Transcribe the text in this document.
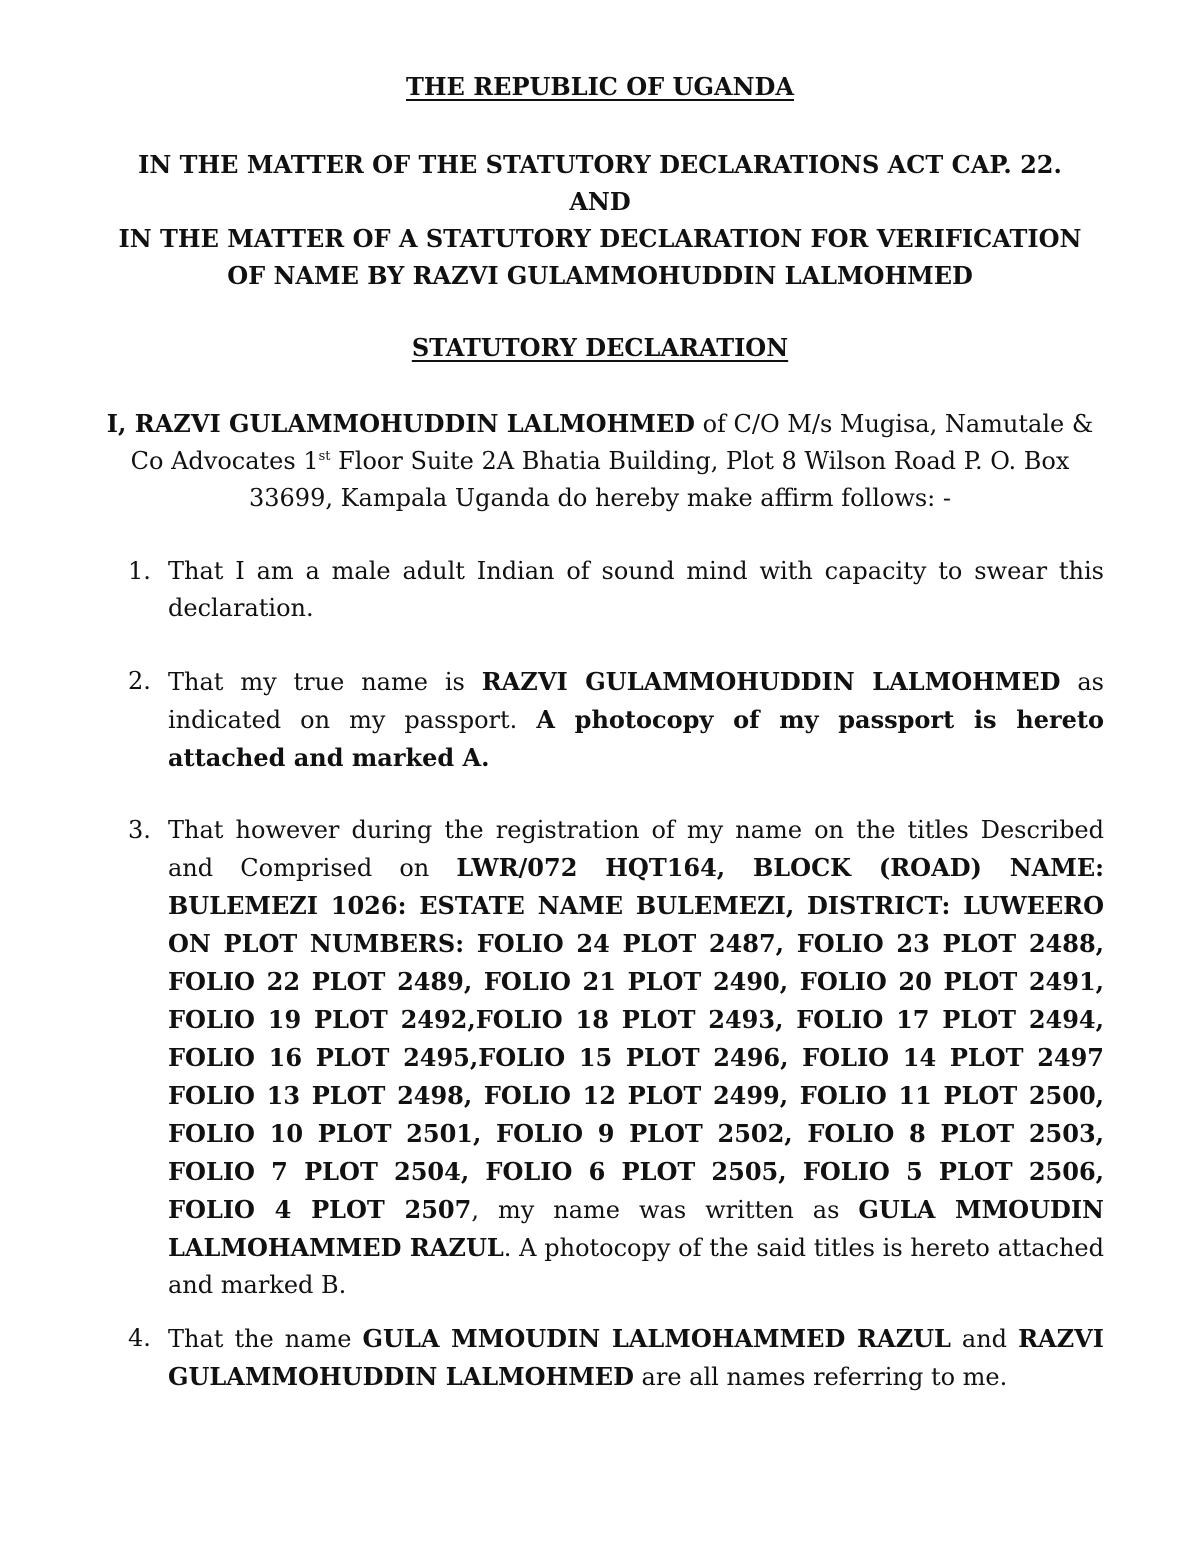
THE REPUBLIC OF UGANDA
IN THE MATTER OF THE STATUTORY DECLARATIONS ACT CAP. 22.
AND
IN THE MATTER OF A STATUTORY DECLARATION FOR VERIFICATION
OF NAME BY RAZVI GULAMMOHUDDIN LALMOHMED
STATUTORY DECLARATION
I, RAZVI GULAMMOHUDDIN LALMOHMED of C/O M/s Mugisa, Namutale & Co Advocates 1st Floor Suite 2A Bhatia Building, Plot 8 Wilson Road P. O. Box 33699, Kampala Uganda do hereby make affirm follows: -
1. That I am a male adult Indian of sound mind with capacity to swear this declaration.
2. That my true name is RAZVI GULAMMOHUDDIN LALMOHMED as indicated on my passport. A photocopy of my passport is hereto attached and marked A.
3. That however during the registration of my name on the titles Described and Comprised on LWR/072 HQT164, BLOCK (ROAD) NAME: BULEMEZI 1026: ESTATE NAME BULEMEZI, DISTRICT: LUWEERO ON PLOT NUMBERS: FOLIO 24 PLOT 2487, FOLIO 23 PLOT 2488, FOLIO 22 PLOT 2489, FOLIO 21 PLOT 2490, FOLIO 20 PLOT 2491, FOLIO 19 PLOT 2492,FOLIO 18 PLOT 2493, FOLIO 17 PLOT 2494, FOLIO 16 PLOT 2495,FOLIO 15 PLOT 2496, FOLIO 14 PLOT 2497 FOLIO 13 PLOT 2498, FOLIO 12 PLOT 2499, FOLIO 11 PLOT 2500, FOLIO 10 PLOT 2501, FOLIO 9 PLOT 2502, FOLIO 8 PLOT 2503, FOLIO 7 PLOT 2504, FOLIO 6 PLOT 2505, FOLIO 5 PLOT 2506, FOLIO 4 PLOT 2507, my name was written as GULA MMOUDIN LALMOHAMMED RAZUL. A photocopy of the said titles is hereto attached and marked B.
4. That the name GULA MMOUDIN LALMOHAMMED RAZUL and RAZVI GULAMMOHUDDIN LALMOHMED are all names referring to me.
